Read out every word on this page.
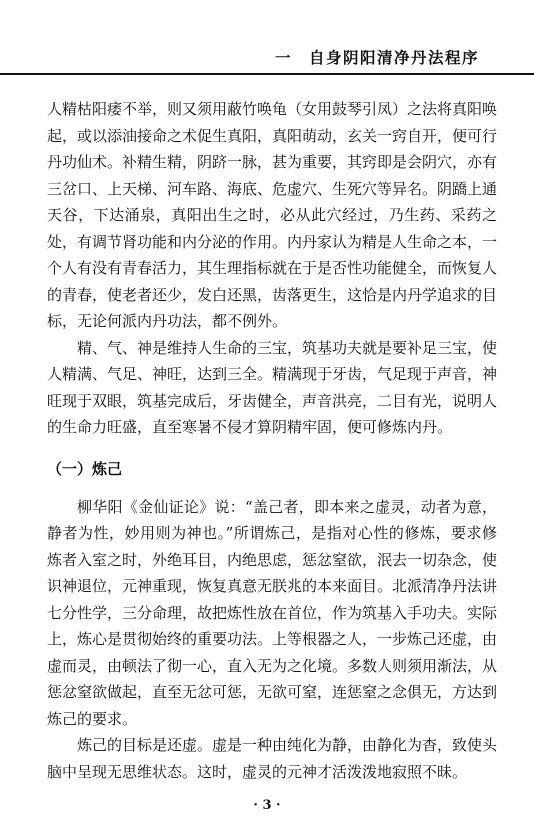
一　自身阴阳清净丹法程序

人精枯阳痿不举，则又须用蔽竹唤龟（女用鼓琴引凤）之法将真阳唤起，或以添油接命之术促生真阳，真阳萌动，玄关一窍自开，便可行丹功仙术。补精生精，阴跻一脉，甚为重要，其窍即是会阴穴，亦有三岔口、上天梯、河车路、海底、危虚穴、生死穴等异名。阴蹻上通天谷，下达涌泉，真阳出生之时，必从此穴经过，乃生药、采药之处，有调节肾功能和内分泌的作用。内丹家认为精是人生命之本，一个人有没有青春活力，其生理指标就在于是否性功能健全，而恢复人的青春，使老者还少，发白还黑，齿落更生，这恰是内丹学追求的目标，无论何派内丹功法，都不例外。

精、气、神是维持人生命的三宝，筑基功夫就是要补足三宝，使人精满、气足、神旺，达到三全。精满现于牙齿，气足现于声音，神旺现于双眼，筑基完成后，牙齿健全，声音洪亮，二目有光，说明人的生命力旺盛，直至寒暑不侵才算阴精牢固，便可修炼内丹。

（一）炼己

柳华阳《金仙证论》说：“盖己者，即本来之虚灵，动者为意，静者为性，妙用则为神也。”所谓炼己，是指对心性的修炼，要求修炼者入室之时，外绝耳目，内绝思虑，惩忿窒欲，泯去一切杂念，使识神退位，元神重现，恢复真意无朕兆的本来面目。北派清净丹法讲七分性学，三分命理，故把炼性放在首位，作为筑基入手功夫。实际上，炼心是贯彻始终的重要功法。上等根器之人，一步炼己还虚，由虚而灵，由顿法了彻一心，直入无为之化境。多数人则须用渐法，从惩忿窒欲做起，直至无忿可惩，无欲可窒，连惩窒之念俱无，方达到炼己的要求。

炼己的目标是还虚。虚是一种由纯化为静，由静化为杳，致使头脑中呈现无思维状态。这时，虚灵的元神才活泼泼地寂照不昧。

· 3 ·
